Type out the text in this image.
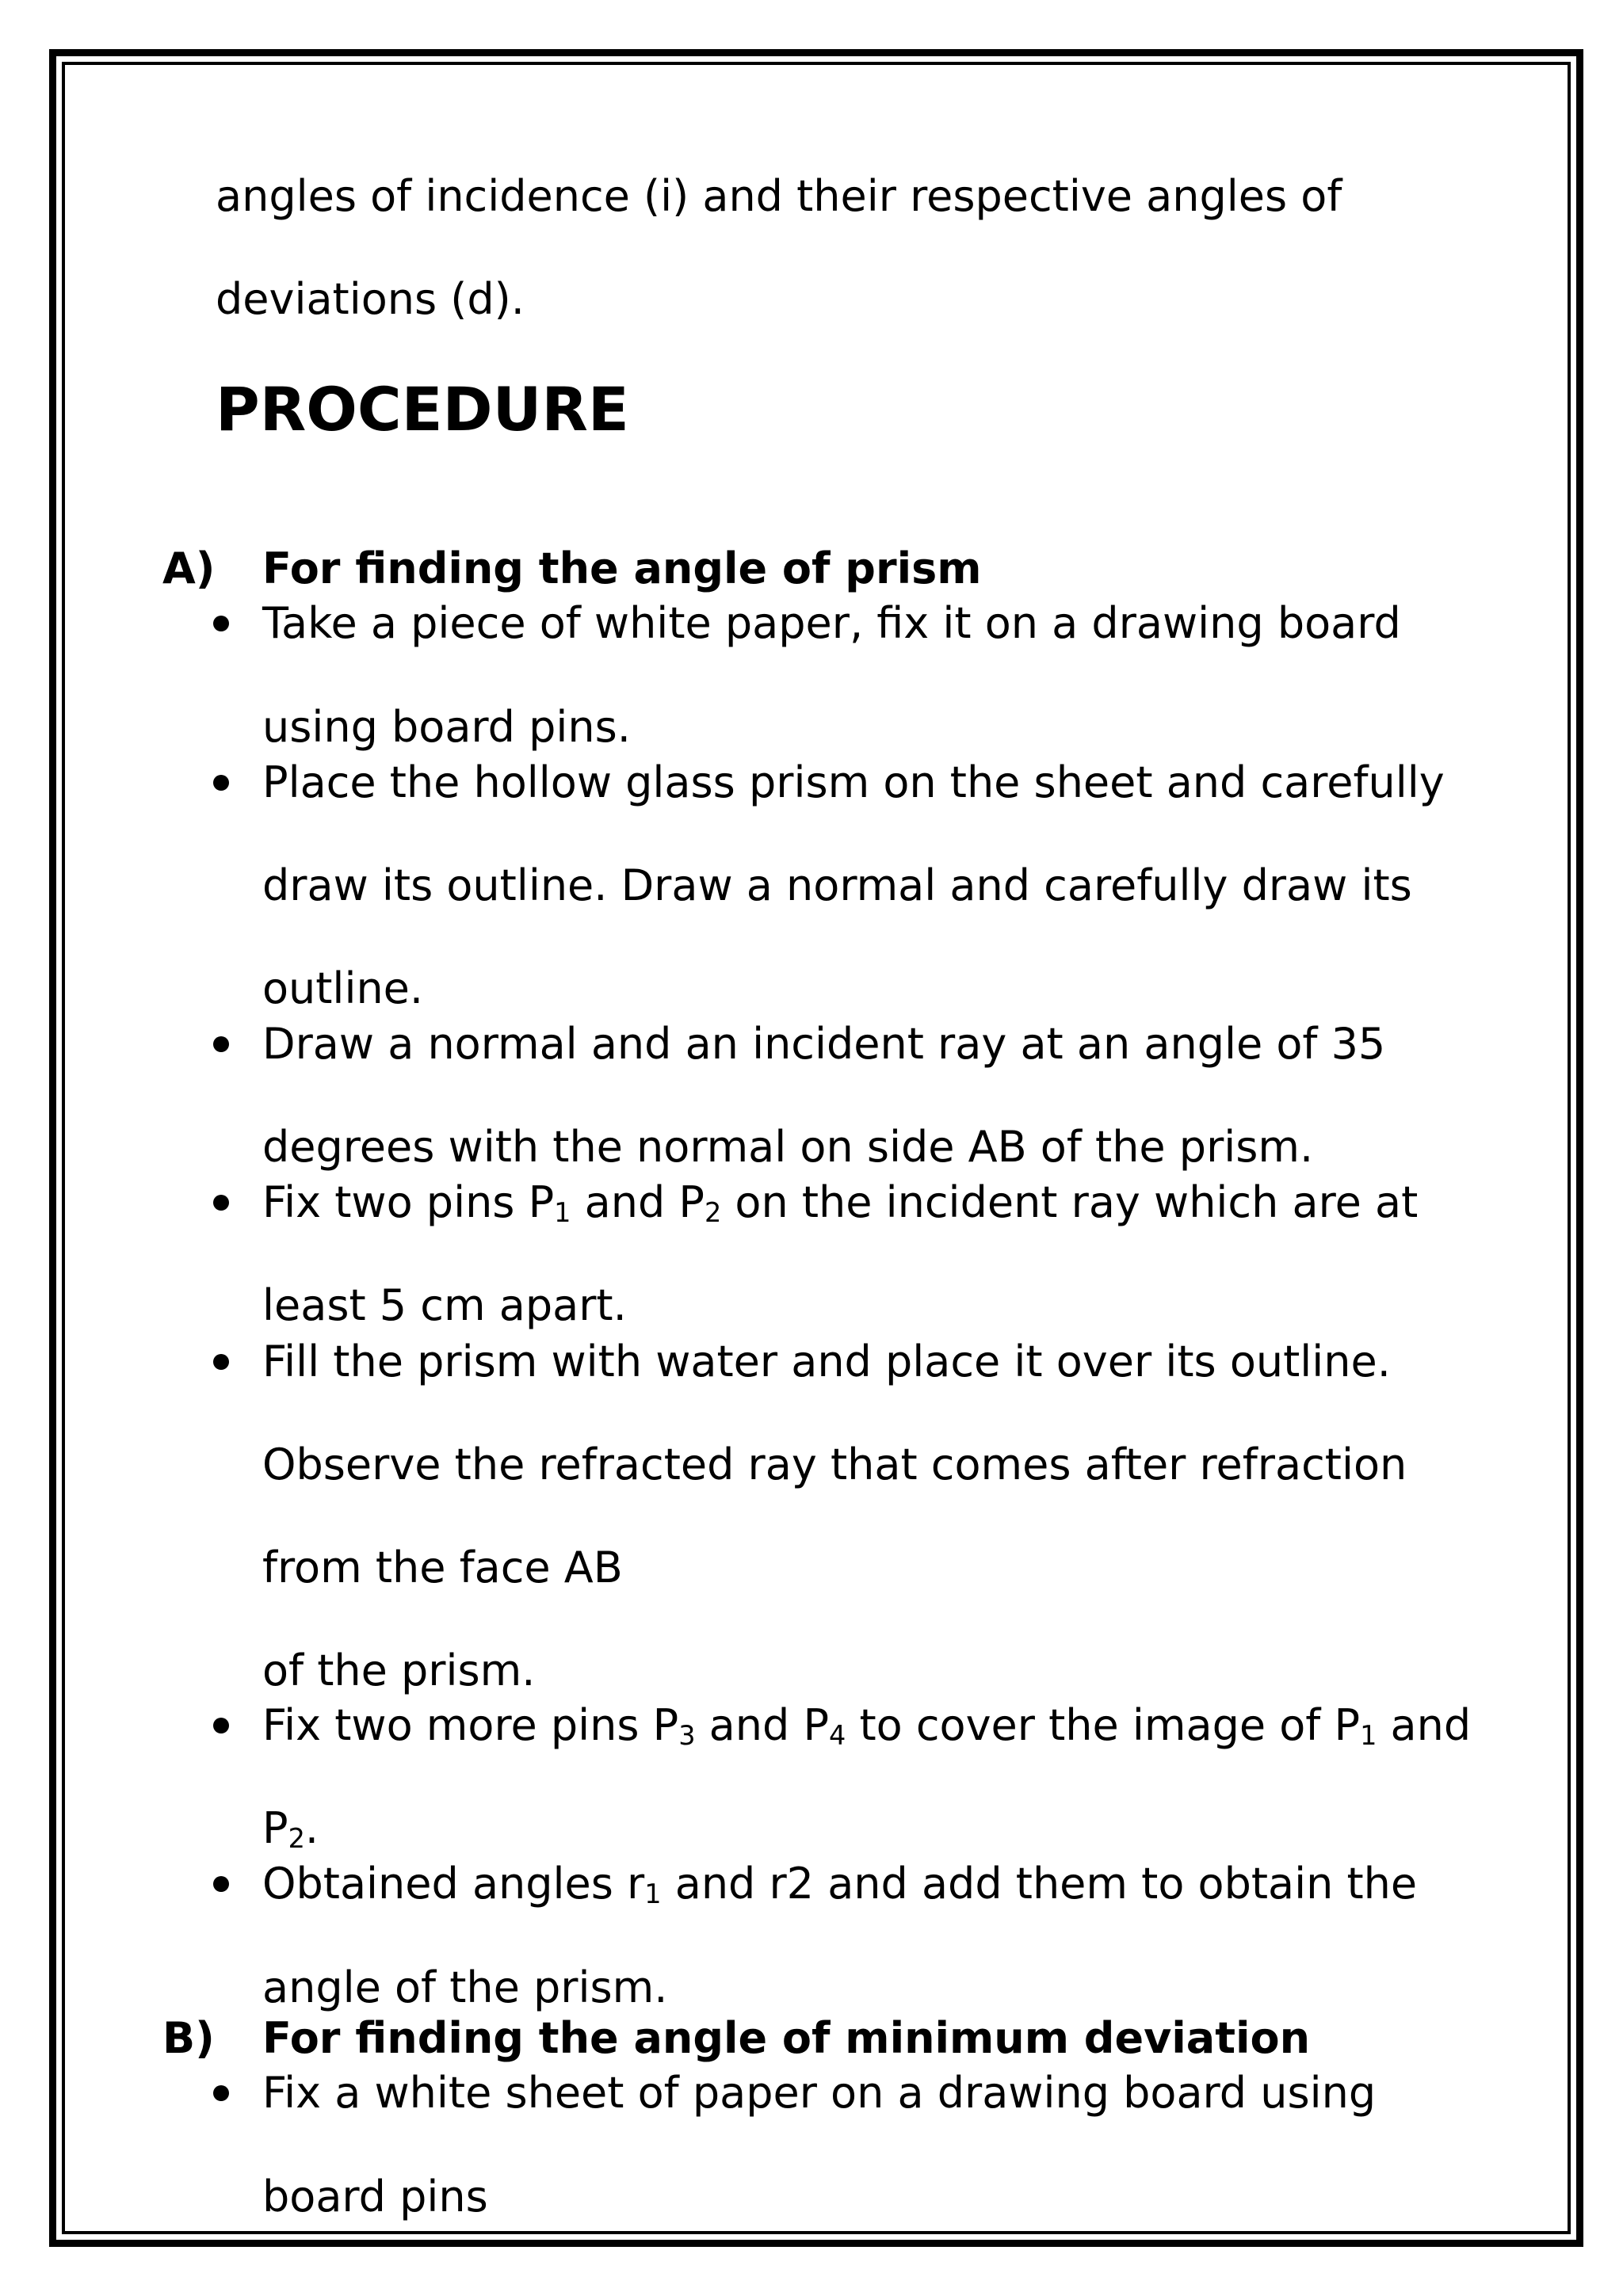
angles of incidence (i) and their respective angles of
deviations (d).
PROCEDURE
A) For finding the angle of prism
Take a piece of white paper, fix it on a drawing board
using board pins.
Place the hollow glass prism on the sheet and carefully
draw its outline. Draw a normal and carefully draw its
outline.
Draw a normal and an incident ray at an angle of 35
degrees with the normal on side AB of the prism.
Fix two pins $P_1$ and $P_2$ on the incident ray which are at
least 5 cm apart.
Fill the prism with water and place it over its outline.
Observe the refracted ray that comes after refraction
from the face AB
of the prism.
Fix two more pins $P_3$ and $P_4$ to cover the image of $P_1$ and
$P_2$.
Obtained angles $r_1$ and r2 and add them to obtain the
angle of the prism.
B) For finding the angle of minimum deviation
Fix a white sheet of paper on a drawing board using
board pins
